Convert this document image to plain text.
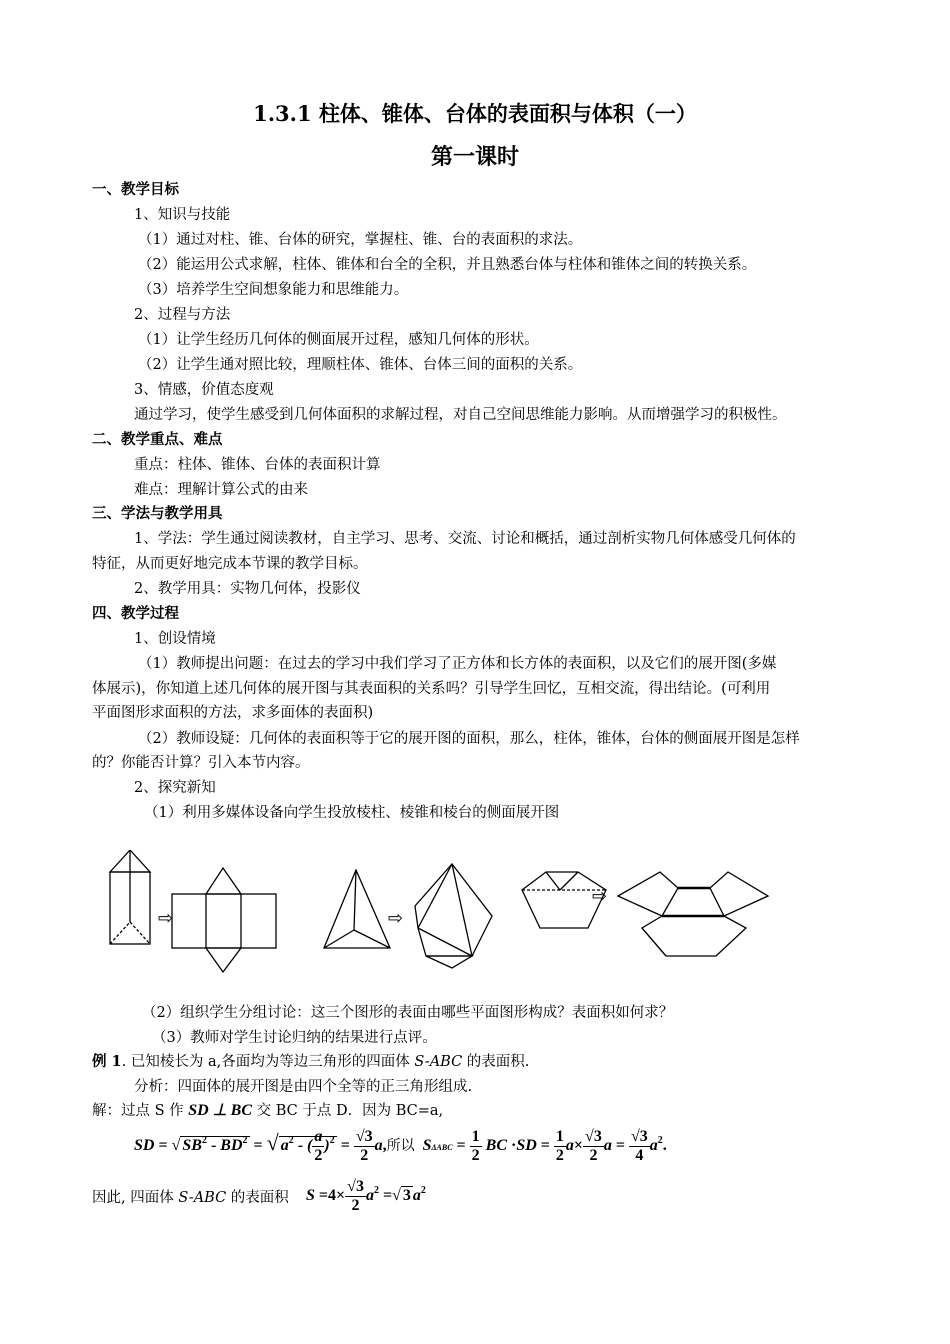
1.3.1 柱体、锥体、台体的表面积与体积（一）
第一课时
一、教学目标
1、知识与技能
（1）通过对柱、锥、台体的研究，掌握柱、锥、台的表面积的求法。
（2）能运用公式求解，柱体、锥体和台全的全积，并且熟悉台体与柱体和锥体之间的转换关系。
（3）培养学生空间想象能力和思维能力。
2、过程与方法
（1）让学生经历几何体的侧面展开过程，感知几何体的形状。
（2）让学生通对照比较，理顺柱体、锥体、台体三间的面积的关系。
3、情感，价值态度观
通过学习，使学生感受到几何体面积的求解过程，对自己空间思维能力影响。从而增强学习的积极性。
二、教学重点、难点
重点：柱体、锥体、台体的表面积计算
难点：理解计算公式的由来
三、学法与教学用具
1、学法：学生通过阅读教材，自主学习、思考、交流、讨论和概括，通过剖析实物几何体感受几何体的
特征，从而更好地完成本节课的教学目标。
2、教学用具：实物几何体，投影仪
四、教学过程
1、创设情境
（1）教师提出问题：在过去的学习中我们学习了正方体和长方体的表面积，以及它们的展开图(多媒
体展示)，你知道上述几何体的展开图与其表面积的关系吗？引导学生回忆，互相交流，得出结论。(可利用
平面图形求面积的方法，求多面体的表面积)
（2）教师设疑：几何体的表面积等于它的展开图的面积，那么，柱体，锥体，台体的侧面展开图是怎样
的？你能否计算？引入本节内容。
2、探究新知
（1）利用多媒体设备向学生投放棱柱、棱锥和棱台的侧面展开图
⇨	⇨
⇨
（2）组织学生分组讨论：这三个图形的表面由哪些平面图形构成？表面积如何求？
（3）教师对学生讨论归纳的结果进行点评。
例 1. 已知棱长为 a,各面均为等边三角形的四面体 S-ABC 的表面积.
分析：四面体的展开图是由四个全等的正三角形组成.
解：过点 S 作 SD ⊥ BC 交 BC 于点 D．因为 BC=a,
SD = √ $SB^2 - BD^2$ = √ $a^2$ - ( $\frac{a}{2} )^2 = \frac{√3}{2} a$,所以 $S\Delta ABC = \frac{1}{2}$ BC $\cdot SD = \frac{1}{2} a\times \frac{√3}{2}$ $a = \frac{√3}{4} a^2$.
因此, 四面体 S-ABC 的表面积 $S =4\times \frac{√3}{2} a^2$ =√ 3 $a^2$
